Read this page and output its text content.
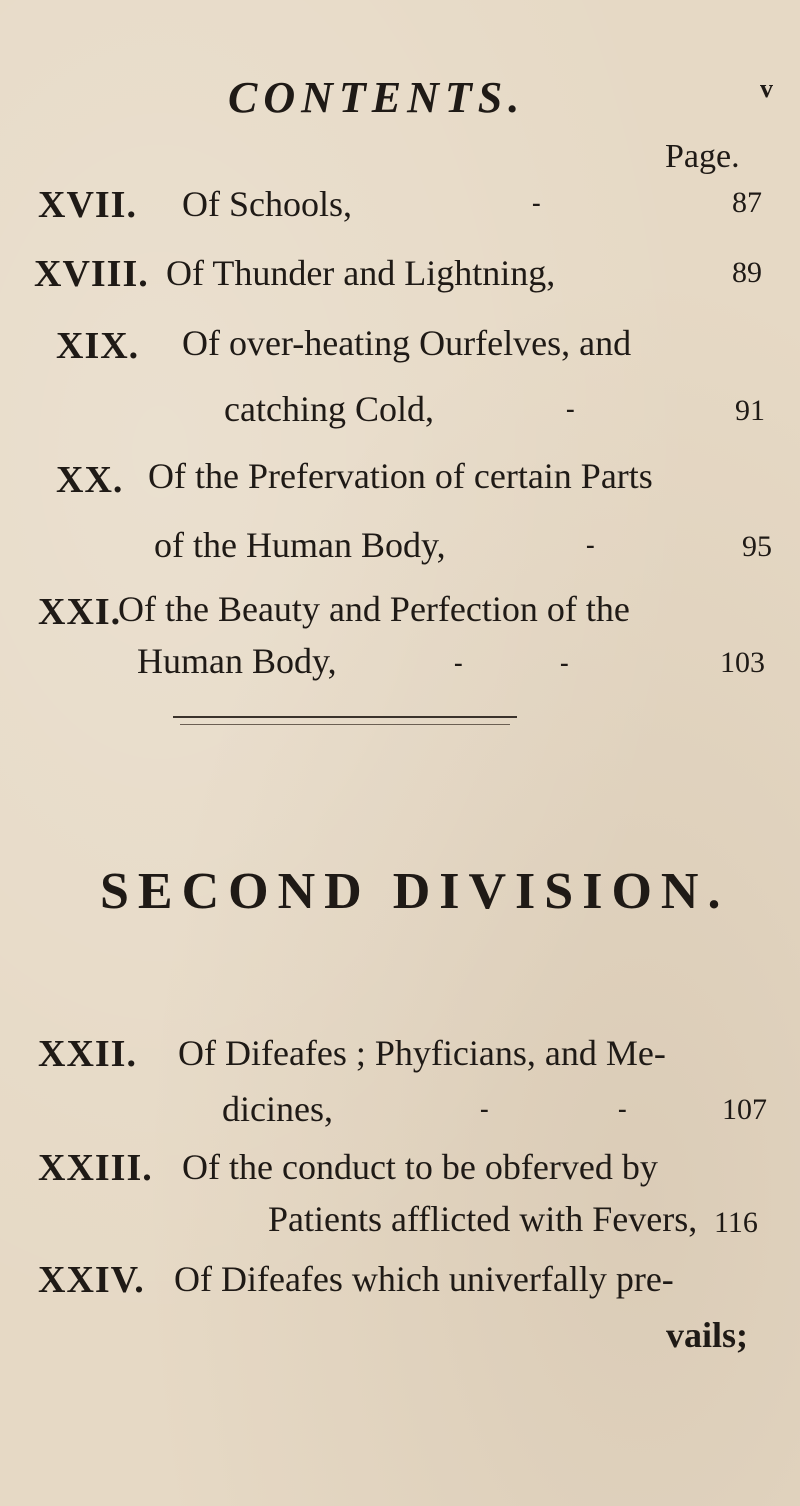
CONTENTS.	v
Page.
XVII. Of Schools,	-	87
XVIII. Of Thunder and Lightning,	89
XIX. Of over-heating Ourfelves, and
catching Cold,	-	91
XX. Of the Prefervation of certain Parts
of the Human Body,	-	95
XXI.
Of the Beauty and Perfection of the
Human Body,	-	-	103
SECOND DIVISION.
XXII. Of Difeafes ; Phyficians, and Me-
dicines,	-	-	107
XXIII. Of the conduct to be obferved by
Patients afflicted with Fevers, 116
XXIV. Of Difeafes which univerfally pre-
vails;
